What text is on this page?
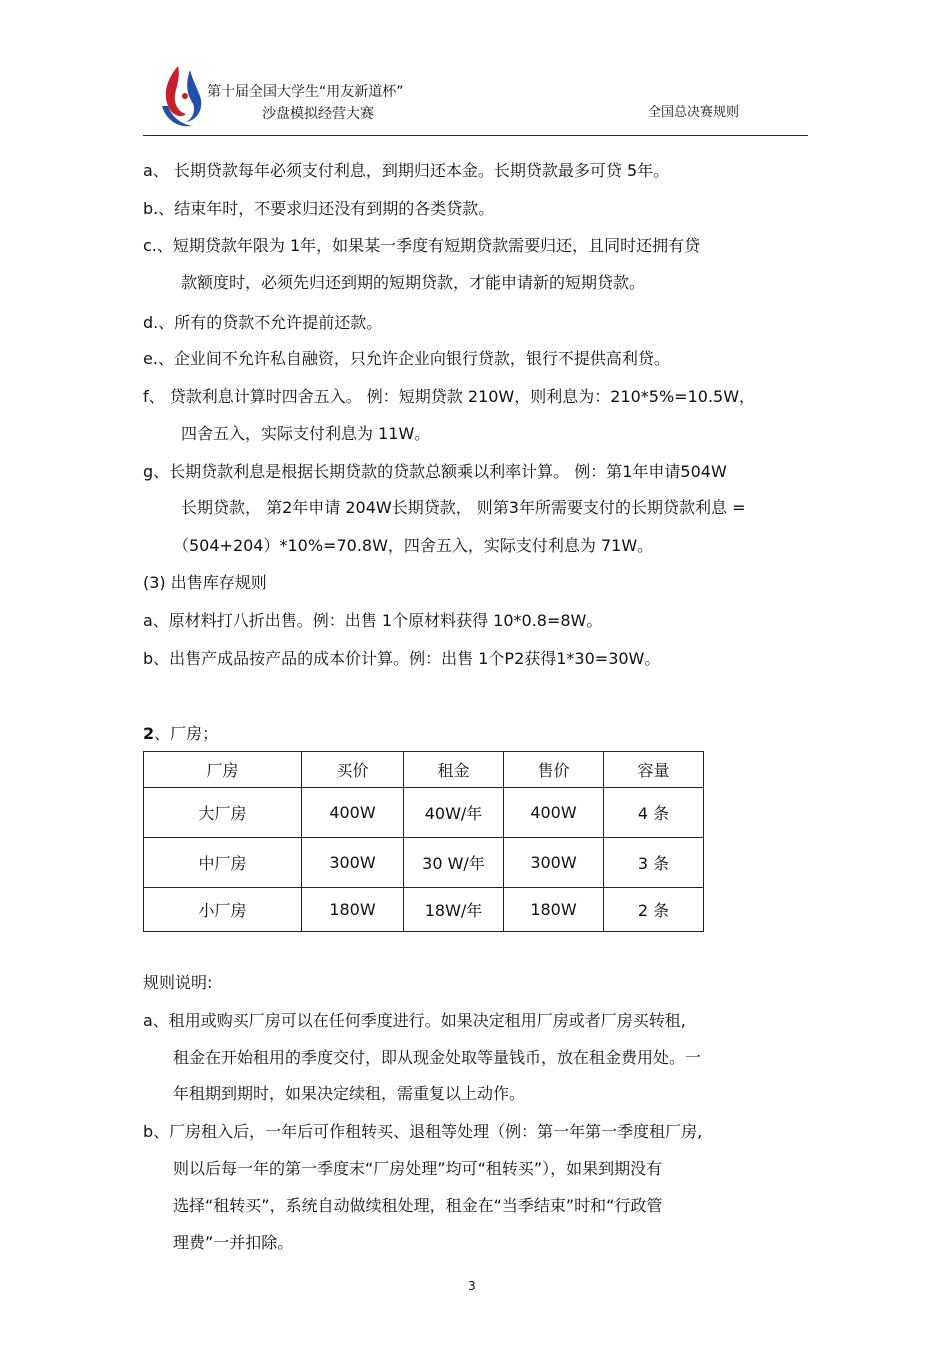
第十届全国大学生“用友新道杯”
沙盘模拟经营大赛	全国总决赛规则
a、 长期贷款每年必须支付利息，到期归还本金。长期贷款最多可贷 5年。
b.、结束年时，不要求归还没有到期的各类贷款。
c.、短期贷款年限为 1年，如果某一季度有短期贷款需要归还，且同时还拥有贷
款额度时，必须先归还到期的短期贷款，才能申请新的短期贷款。
d.、所有的贷款不允许提前还款。
e.、企业间不允许私自融资，只允许企业向银行贷款，银行不提供高利贷。
f、 贷款利息计算时四舍五入。 例：短期贷款 210W，则利息为：210*5%=10.5W，
四舍五入，实际支付利息为 11W。
g、长期贷款利息是根据长期贷款的贷款总额乘以利率计算。 例：第1年申请504W
长期贷款， 第2年申请 204W长期贷款， 则第3年所需要支付的长期贷款利息 =
（504+204）*10%=70.8W，四舍五入，实际支付利息为 71W。
(3) 出售库存规则
a、原材料打八折出售。例：出售 1个原材料获得 10*0.8=8W。
b、出售产成品按产品的成本价计算。例：出售 1个P2获得1*30=30W。
2、厂房；
厂房	买价	租金	售价	容量
大厂房	400W	40W/年	400W	4 条
中厂房	300W	30 W/年	300W	3 条
小厂房	180W	18W/年	180W	2 条
规则说明:
a、租用或购买厂房可以在任何季度进行。如果决定租用厂房或者厂房买转租,
租金在开始租用的季度交付，即从现金处取等量钱币，放在租金费用处。一
年租期到期时，如果决定续租，需重复以上动作。
b、厂房租入后，一年后可作租转买、退租等处理（例：第一年第一季度租厂房,
则以后每一年的第一季度末“厂房处理”均可“租转买”），如果到期没有
选择“租转买”，系统自动做续租处理，租金在“当季结束”时和“行政管
理费”一并扣除。
3
